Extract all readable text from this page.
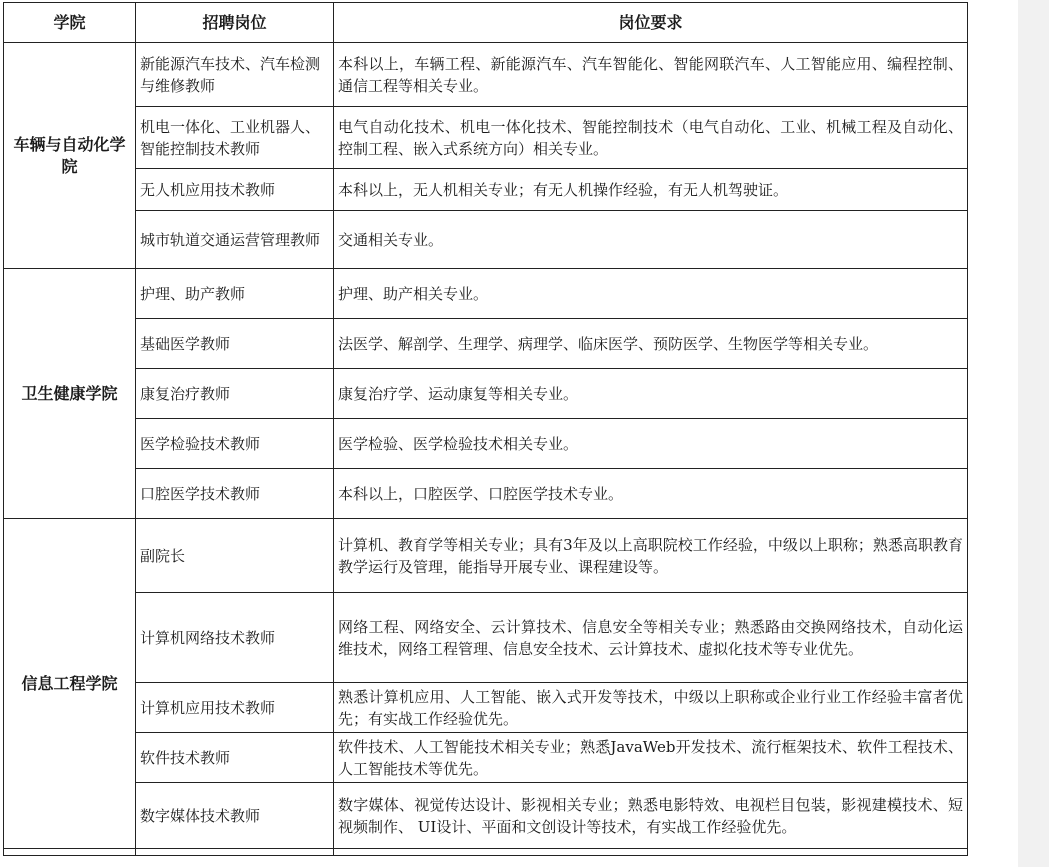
学院	招聘岗位	岗位要求
车辆与自动化学院	新能源汽车技术、汽车检测与维修教师	本科以上，车辆工程、新能源汽车、汽车智能化、智能网联汽车、人工智能应用、编程控制、通信工程等相关专业。
	机电一体化、工业机器人、智能控制技术教师	电气自动化技术、机电一体化技术、智能控制技术（电气自动化、工业、机械工程及自动化、控制工程、嵌入式系统方向）相关专业。
	无人机应用技术教师	本科以上，无人机相关专业；有无人机操作经验，有无人机驾驶证。
	城市轨道交通运营管理教师	交通相关专业。
卫生健康学院	护理、助产教师	护理、助产相关专业。
	基础医学教师	法医学、解剖学、生理学、病理学、临床医学、预防医学、生物医学等相关专业。
	康复治疗教师	康复治疗学、运动康复等相关专业。
	医学检验技术教师	医学检验、医学检验技术相关专业。
	口腔医学技术教师	本科以上，口腔医学、口腔医学技术专业。
信息工程学院	副院长	计算机、教育学等相关专业；具有3年及以上高职院校工作经验，中级以上职称；熟悉高职教育教学运行及管理，能指导开展专业、课程建设等。
	计算机网络技术教师	网络工程、网络安全、云计算技术、信息安全等相关专业；熟悉路由交换网络技术，自动化运维技术，网络工程管理、信息安全技术、云计算技术、虚拟化技术等专业优先。
	计算机应用技术教师	熟悉计算机应用、人工智能、嵌入式开发等技术，中级以上职称或企业行业工作经验丰富者优先；有实战工作经验优先。
	软件技术教师	软件技术、人工智能技术相关专业；熟悉JavaWeb开发技术、流行框架技术、软件工程技术、人工智能技术等优先。
	数字媒体技术教师	数字媒体、视觉传达设计、影视相关专业；熟悉电影特效、电视栏目包装，影视建模技术、短视频制作、 UI设计、平面和文创设计等技术，有实战工作经验优先。
